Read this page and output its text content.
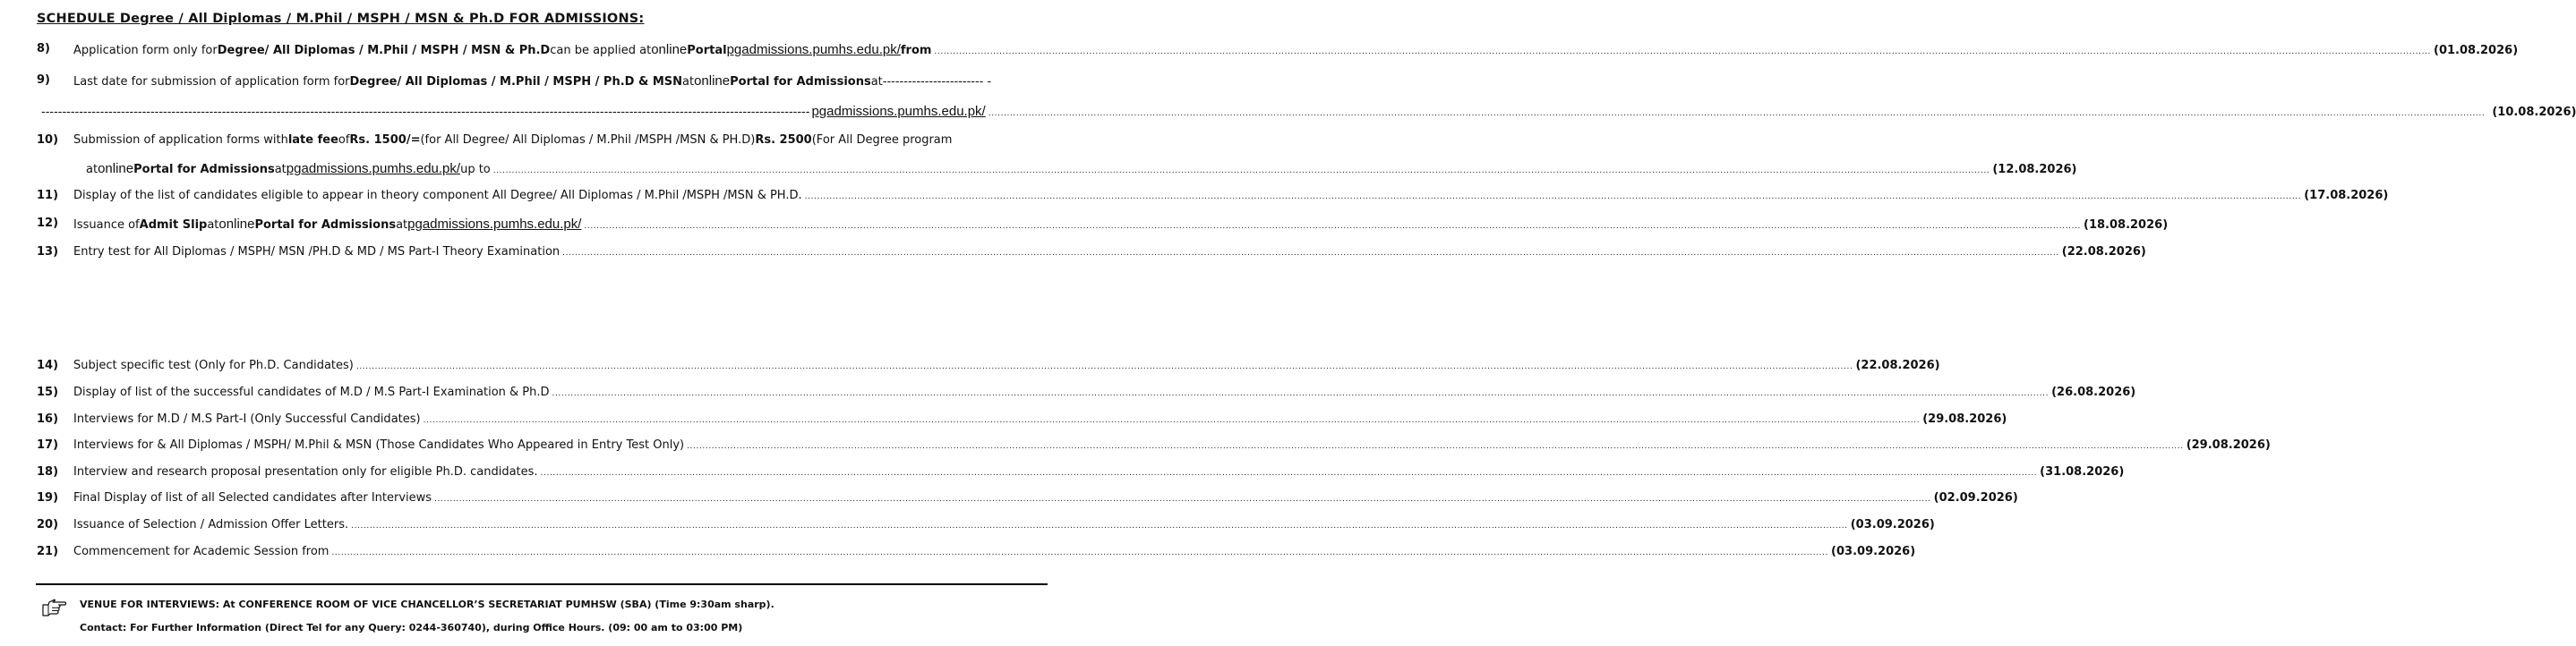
SCHEDULE Degree / All Diplomas / M.Phil / MSPH / MSN & Ph.D FOR ADMISSIONS:
8) Application form only for Degree/ All Diplomas / M.Phil / MSPH / MSN & Ph.D can be applied at online Portal pgadmissions.pumhs.edu.pk/ from ................................................................................................................................................................................................................................................................................................................................................................................................................................................................................................... (01.08.2026)
9) Last date for submission of application form for Degree/ All Diplomas / M.Phil / MSPH / Ph.D & MSN at online Portal for Admissions at ------------------------ -
--------------------------------------------------------------------------------------------------------------------------------------------------------------------------------------- pgadmissions.pumhs.edu.pk/ ................................................................................................................................................................................................................................................................................................................................................................................................................................................................................................... (10.08.2026)
10) Submission of application forms with late fee of Rs. 1500/= (for All Degree/ All Diplomas / M.Phil /MSPH /MSN & PH.D) Rs. 2500 (For All Degree program
at online Portal for Admissions at pgadmissions.pumhs.edu.pk/ up to ................................................................................................................................................................................................................................................................................................................................................................................................................................................................................................... (12.08.2026)
11) Display of the list of candidates eligible to appear in theory component All Degree/ All Diplomas / M.Phil /MSPH /MSN & PH.D. ................................................................................................................................................................................................................................................................................................................................................................................................................................................................................................... (17.08.2026)
12) Issuance of Admit Slip at online Portal for Admissions at pgadmissions.pumhs.edu.pk/ ................................................................................................................................................................................................................................................................................................................................................................................................................................................................................................... (18.08.2026)
13) Entry test for All Diplomas / MSPH/ MSN /PH.D & MD / MS Part-I Theory Examination ................................................................................................................................................................................................................................................................................................................................................................................................................................................................................................... (22.08.2026)
14) Subject specific test (Only for Ph.D. Candidates) ................................................................................................................................................................................................................................................................................................................................................................................................................................................................................................... (22.08.2026)
15) Display of list of the successful candidates of M.D / M.S Part-I Examination & Ph.D ................................................................................................................................................................................................................................................................................................................................................................................................................................................................................................... (26.08.2026)
16) Interviews for M.D / M.S Part-I (Only Successful Candidates) ................................................................................................................................................................................................................................................................................................................................................................................................................................................................................................... (29.08.2026)
17) Interviews for & All Diplomas / MSPH/ M.Phil & MSN (Those Candidates Who Appeared in Entry Test Only) ................................................................................................................................................................................................................................................................................................................................................................................................................................................................................................... (29.08.2026)
18) Interview and research proposal presentation only for eligible Ph.D. candidates. ................................................................................................................................................................................................................................................................................................................................................................................................................................................................................................... (31.08.2026)
19) Final Display of list of all Selected candidates after Interviews ................................................................................................................................................................................................................................................................................................................................................................................................................................................................................................... (02.09.2026)
20) Issuance of Selection / Admission Offer Letters. ................................................................................................................................................................................................................................................................................................................................................................................................................................................................................................... (03.09.2026)
21) Commencement for Academic Session from ................................................................................................................................................................................................................................................................................................................................................................................................................................................................................................... (03.09.2026)
VENUE FOR INTERVIEWS: At CONFERENCE ROOM OF VICE CHANCELLOR’S SECRETARIAT PUMHSW (SBA) (Time 9:30am sharp).
Contact: For Further Information (Direct Tel for any Query: 0244-360740), during Office Hours. (09: 00 am to 03:00 PM)
